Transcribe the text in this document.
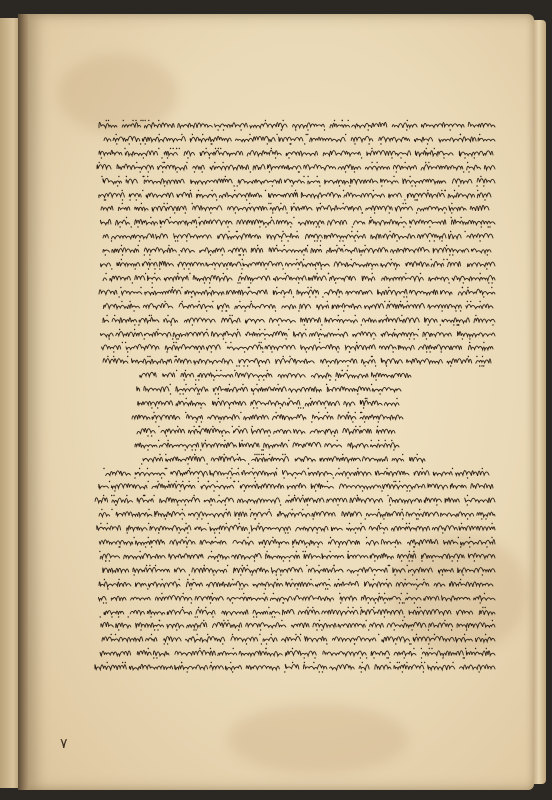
٧
